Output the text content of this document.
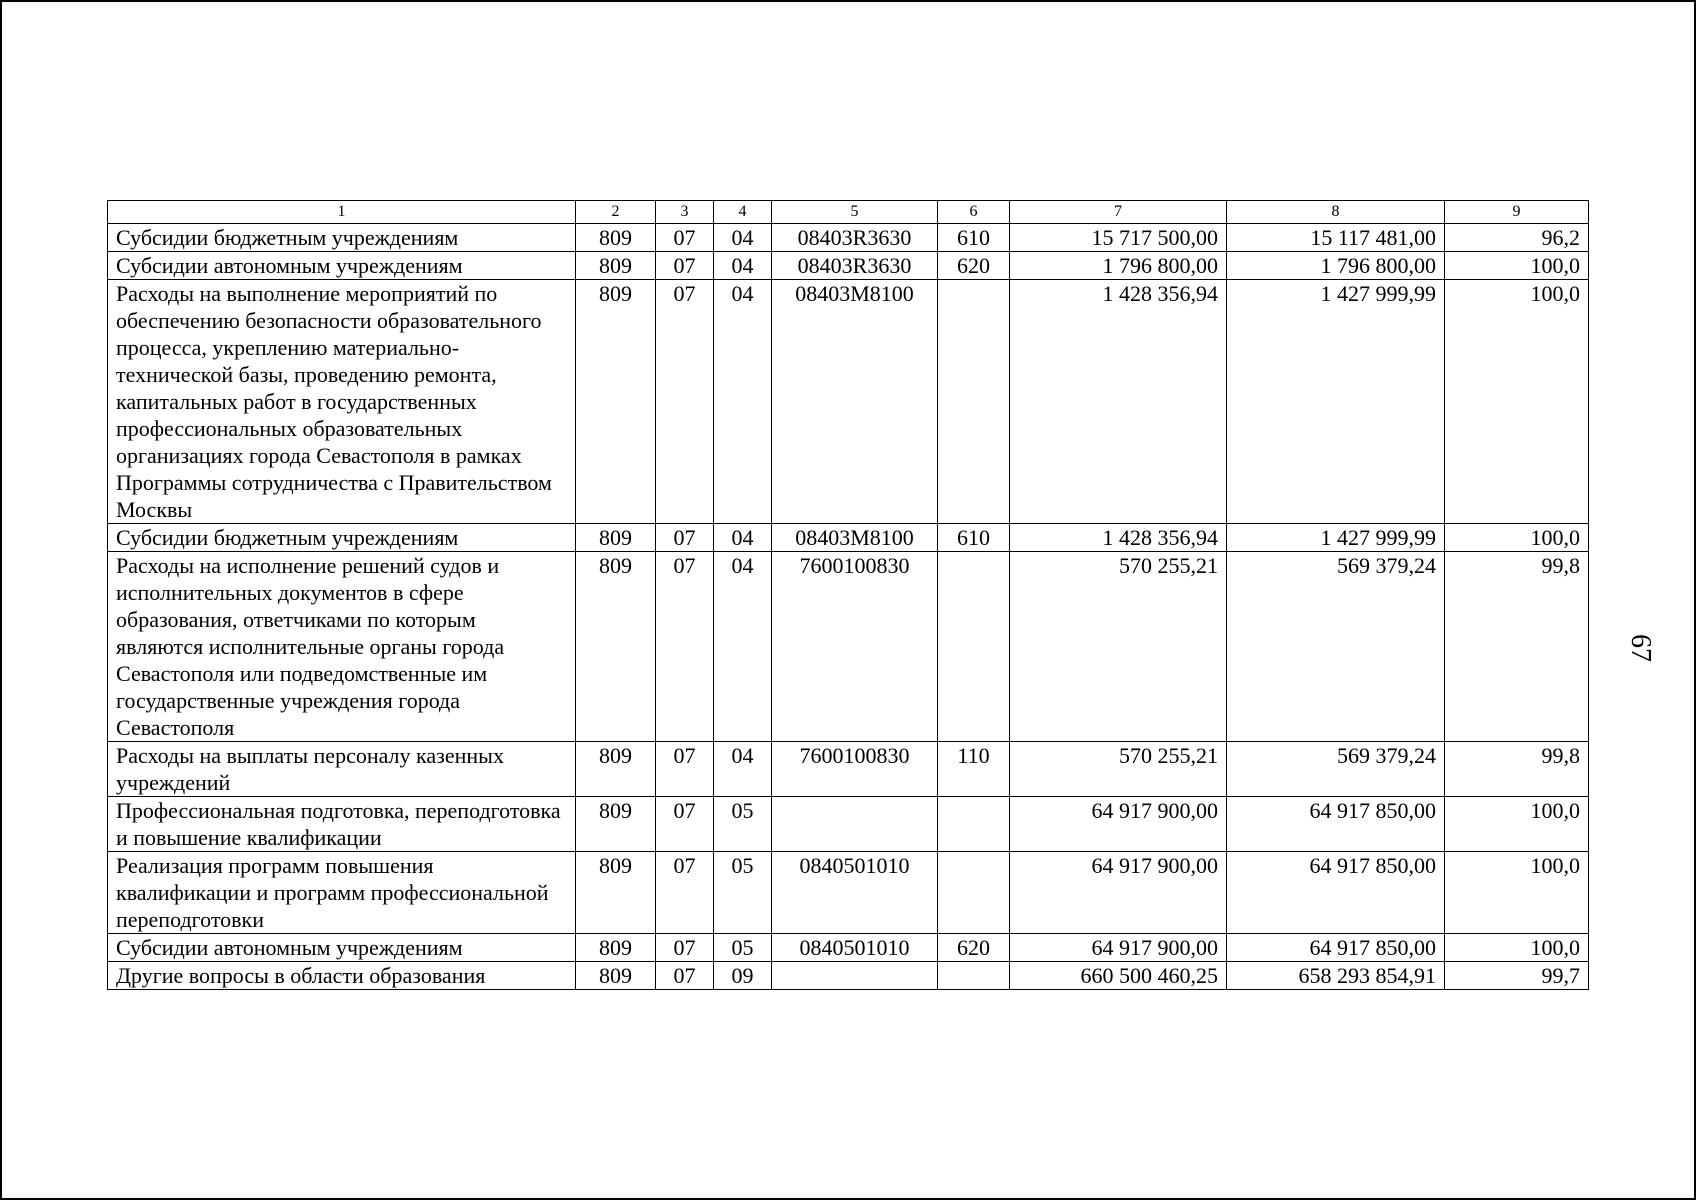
1	2	3	4	5	6	7	8	9
Субсидии бюджетным учреждениям	809	07	04	08403R3630	610	15 717 500,00	15 117 481,00	96,2
Субсидии автономным учреждениям	809	07	04	08403R3630	620	1 796 800,00	1 796 800,00	100,0
Расходы на выполнение мероприятий по обеспечению безопасности образовательного процесса, укреплению материально-технической базы, проведению ремонта, капитальных работ в государственных профессиональных образовательных организациях города Севастополя в рамках Программы сотрудничества с Правительством Москвы	809	07	04	08403M8100		1 428 356,94	1 427 999,99	100,0
Субсидии бюджетным учреждениям	809	07	04	08403M8100	610	1 428 356,94	1 427 999,99	100,0
Расходы на исполнение решений судов и исполнительных документов в сфере образования, ответчиками по которым являются исполнительные органы города Севастополя или подведомственные им государственные учреждения города Севастополя	809	07	04	7600100830		570 255,21	569 379,24	99,8
Расходы на выплаты персоналу казенных учреждений	809	07	04	7600100830	110	570 255,21	569 379,24	99,8
Профессиональная подготовка, переподготовка и повышение квалификации	809	07	05			64 917 900,00	64 917 850,00	100,0
Реализация программ повышения квалификации и программ профессиональной переподготовки	809	07	05	0840501010		64 917 900,00	64 917 850,00	100,0
Субсидии автономным учреждениям	809	07	05	0840501010	620	64 917 900,00	64 917 850,00	100,0
Другие вопросы в области образования	809	07	09			660 500 460,25	658 293 854,91	99,7
67
